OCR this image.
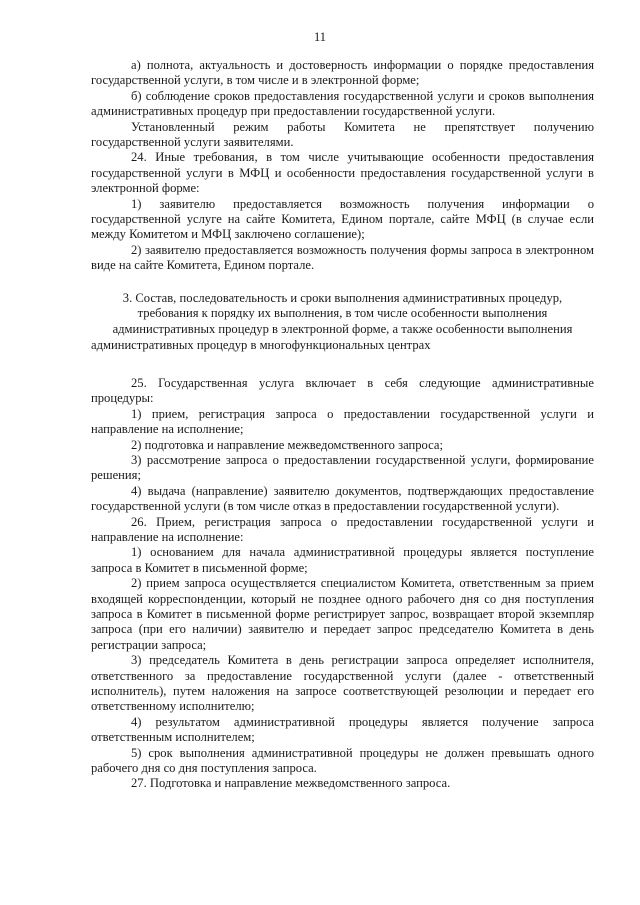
11

а) полнота, актуальность и достоверность информации о порядке предоставления государственной услуги, в том числе и в электронной форме;

б) соблюдение сроков предоставления государственной услуги и сроков выполнения административных процедур при предоставлении государственной услуги.

Установленный режим работы Комитета не препятствует получению государственной услуги заявителями.

24. Иные требования, в том числе учитывающие особенности предоставления государственной услуги в МФЦ и особенности предоставления государственной услуги в электронной форме:

1) заявителю предоставляется возможность получения информации о государственной услуге на сайте Комитета, Едином портале, сайте МФЦ (в случае если между Комитетом и МФЦ заключено соглашение);

2) заявителю предоставляется возможность получения формы запроса в электронном виде на сайте Комитета, Едином портале.

3. Состав, последовательность и сроки выполнения административных процедур, требования к порядку их выполнения, в том числе особенности выполнения административных процедур в электронной форме, а также особенности выполнения административных процедур в многофункциональных центрах

25. Государственная услуга включает в себя следующие административные процедуры:

1) прием, регистрация запроса о предоставлении государственной услуги и направление на исполнение;

2) подготовка и направление межведомственного запроса;

3) рассмотрение запроса о предоставлении государственной услуги, формирование решения;

4) выдача (направление) заявителю документов, подтверждающих предоставление государственной услуги (в том числе отказ в предоставлении государственной услуги).

26. Прием, регистрация запроса о предоставлении государственной услуги и направление на исполнение:

1) основанием для начала административной процедуры является поступление запроса в Комитет в письменной форме;

2) прием запроса осуществляется специалистом Комитета, ответственным за прием входящей корреспонденции, который не позднее одного рабочего дня со дня поступления запроса в Комитет в письменной форме регистрирует запрос, возвращает второй экземпляр запроса (при его наличии) заявителю и передает запрос председателю Комитета в день регистрации запроса;

3) председатель Комитета в день регистрации запроса определяет исполнителя, ответственного за предоставление государственной услуги (далее - ответственный исполнитель), путем наложения на запросе соответствующей резолюции и передает его ответственному исполнителю;

4) результатом административной процедуры является получение запроса ответственным исполнителем;

5) срок выполнения административной процедуры не должен превышать одного рабочего дня со дня поступления запроса.

27. Подготовка и направление межведомственного запроса.
